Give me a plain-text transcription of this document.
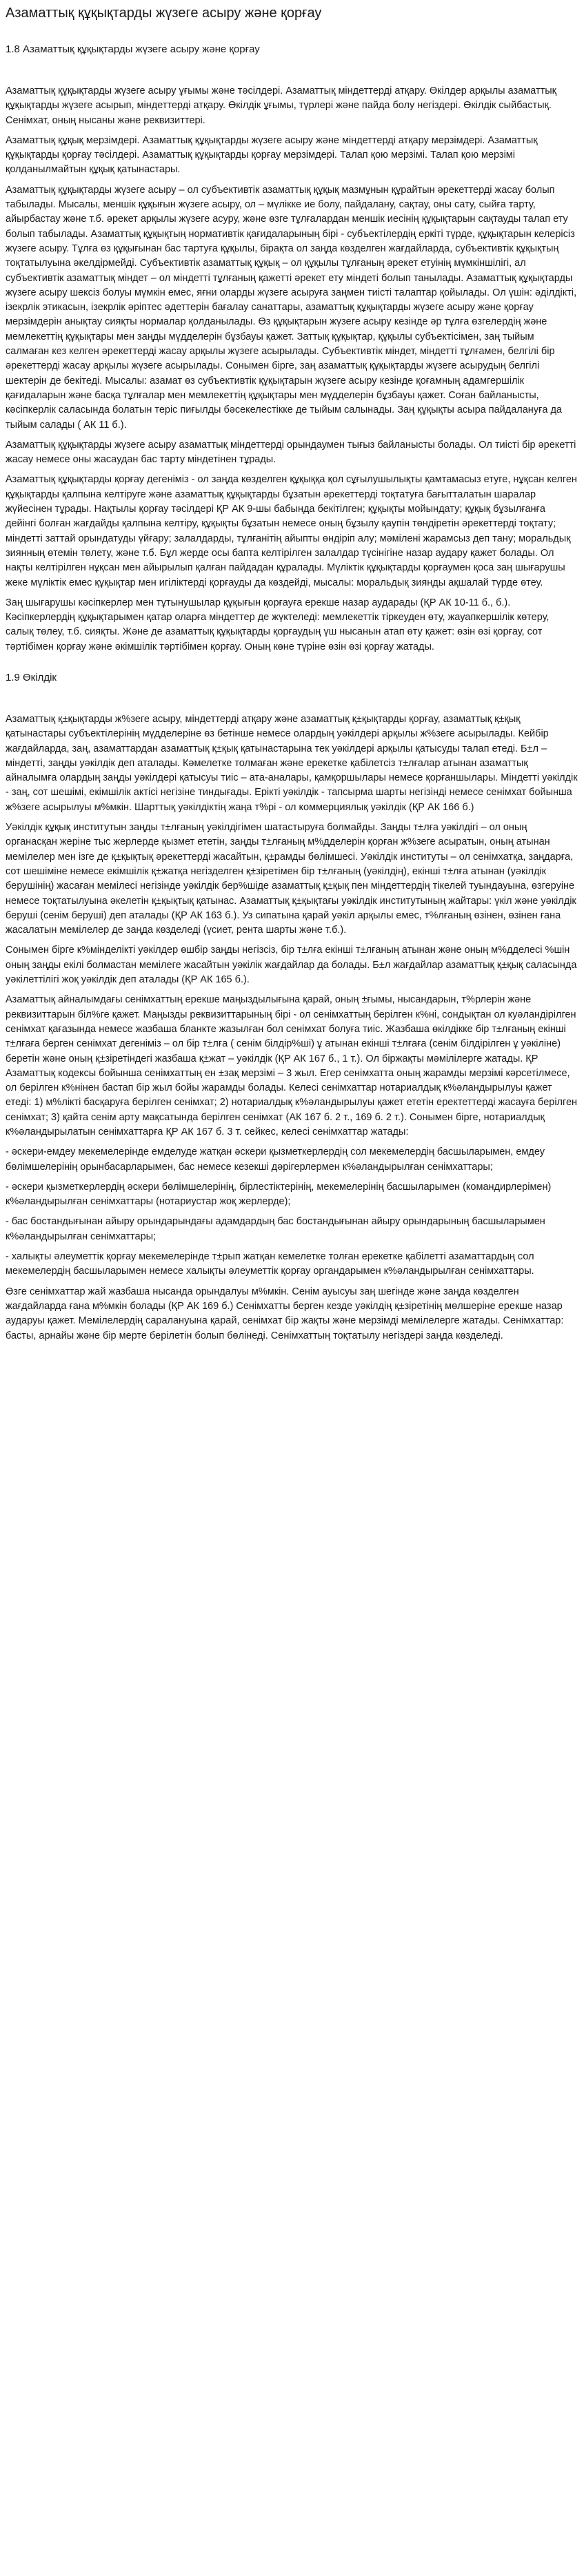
Азаматтық құқықтарды жүзеге асыру және қорғау
1.8 Азаматтық құқықтарды жүзеге асыру және қорғау

Азаматтық құқықтарды жүзеге асыру ұғымы және тәсілдері. Азаматтық міндеттерді атқару. Өкілдер арқылы азаматтық құқықтарды жүзеге асырып, міндеттерді атқару. Өкілдік ұғымы, түрлері және пайда болу негіздері. Өкілдік сыйбастық. Сенімхат, оның нысаны және реквизиттері.

Азаматтық құқық мерзімдері. Азаматтық құқықтарды жүзеге асыру және міндеттерді атқару мерзімдері. Азаматтық құқықтарды қорғау тәсілдері. Азаматтық құқықтарды қорғау мерзімдері. Талап қою мерзімі. Талап қою мерзімі қолданылмайтын құқық қатынастары.

Азаматтық құқықтарды жүзеге асыру – ол субъективтік азаматтық құқық мазмұнын құрайтын әрекеттерді жасау болып табылады. Мысалы, меншік құқығын жүзеге асыру, ол – мүлікке ие болу, пайдалану, сақтау, оны сату, сыйға тарту, айырбастау және т.б. әрекет арқылы жүзеге асуру, және өзге тұлғалардан меншік иесінің құқықтарын сақтауды талап ету болып табылады. Азаматтық құқықтың нормативтік қағидаларының бірі - субъектілердің еркіті түрде, құқықтарын келерісіз жүзеге асыру. Тұлға өз құқығынан бас тартуға құқылы, бірақта ол заңда көзделген жағдайларда, субъективтік құқықтың тоқтатылуына әкелдірмейді. Субъективтік азаматтық құқық – ол құқылы тұлғаның әрекет етуінің мүмкіншілігі, ал субъективтік азаматтық міндет – ол міндетті тұлғаның қажетті әрекет ету міндеті болып танылады. Азаматтық құқықтарды жүзеге асыру шексіз болуы мүмкін емес, яғни оларды жүзеге асыруға заңмен тиісті талаптар қойылады. Ол үшін: әділдікті, ізекрлік этикасын, ізекрлік әріптес әдеттерін бағалау санаттары, азаматтық құқықтарды жүзеге асыру және қорғау мерзімдерін анықтау сияқты нормалар қолданылады. Өз құқықтарын жүзеге асыру кезінде әр тұлға өзгелердің және мемлекеттің құқықтары мен заңды мүдделерін бұзбауы қажет. Заттық құқықтар, құқылы субъектісімен, заң тыйым салмаған кез келген әрекеттерді жасау арқылы жүзеге асырылады. Субъективтік міндет, міндетті тұлғамен, белгілі бір әрекеттерді жасау арқылы жүзеге асырылады. Сонымен бірге, заң азаматтық құқықтарды жүзеге асырудың белгілі шектерін де бекітеді. Мысалы: азамат өз субъективтік құқықтарын жүзеге асыру кезінде қоғамның адамгершілік қағидаларын және басқа тұлғалар мен мемлекеттің құқықтары мен мүдделерін бұзбауы қажет. Соған байланысты, кәсіпкерлік саласында болатын теріс пиғылды бәсекелестікке де тыйым салынады. Заң құқықты асыра пайдалануға да тыйым салады ( АК 11 б.).

Азаматтық құқықтарды жүзеге асыру азаматтық міндеттерді орындаумен тығыз байланысты болады. Ол тиісті бір әрекетті жасау немесе оны жасаудан бас тарту міндетінен тұрады.

Азаматтық құқықтарды қорғау дегеніміз - ол заңда көзделген құқыққа қол сұғылушылықты қамтамасыз етуге, нұқсан келген құқықтарды қалпына келтіруге және азаматтық құқықтарды бұзатын әрекеттерді тоқтатуға бағытталатын шаралар жүйесінен тұрады. Нақтылы қорғау тәсілдері ҚР АК 9-шы бабында бекітілген; құқықты мойындату; құқық бұзылғанға дейінгі болған жағдайды қалпына келтіру, құқықты бұзатын немесе оның бұзылу қаупін төндіретін әрекеттерді тоқтату; міндетті заттай орындатуды үйғару; залалдарды, тұлғанітің айыпты өндіріп алу; мәмілені жарамсыз деп тану; моральдық зиянның өтемін төлету, және т.б. Бұл жерде осы бапта келтірілген залалдар түсінігіне назар аудару қажет болады. Ол нақты келтірілген нұқсан мен айырылып қалған пайдадан құралады. Мүліктік құқықтарды қорғаумен қоса заң шығарушы жеке мүліктік емес құқықтар мен игіліктерді қорғауды да көздейді, мысалы: моральдық зиянды ақшалай түрде өтеу.

Заң шығарушы кәсіпкерлер мен тұтынушылар құқығын қорғауға ерекше назар аударады (ҚР АК 10-11 б., б.). Кәсіпкерлердің құқықтарымен қатар оларға міндеттер де жүктеледі: мемлекеттік тіркеуден өту, жауапкершілік көтеру, салық төлеу, т.б. сияқты. Және де азаматтық құқықтарды қорғаудың үш нысанын атап өту қажет: өзін өзі қорғау, сот тәртібімен қорғау және әкімшілік тәртібімен қорғау. Оның көне түріне өзін өзі қорғау жатады.

1.9 Өкілдік

Азаматтық қ±қықтарды ж%зеге асыру, міндеттерді атқару және азаматтық қ±қықтарды қорғау, азаматтық қ±қық қатынастары субъектілерінің мүдделеріне өз бетінше немесе олардың уәкілдері арқылы ж%зеге асырылады. Кейбір жағдайларда, заң, азаматтардан азаматтық қ±қық қатынастарына тек уәкілдері арқылы қатысуды талап етеді. Б±л – міндетті, заңды уәкілдік деп аталады. Кәмелетке толмаған және ерекетке қабілетсіз т±лғалар атынан азаматтық айналымға олардың заңды уәкілдері қатысуы тиіс – ата-аналары, қамқоршылары немесе қорғаншылары. Міндетті уәкілдік - заң, сот шешімі, екімшілік актісі негізіне тиндығады. Ерікті уәкілдік - тапсырма шарты негізінді немесе сенімхат бойынша ж%зеге асырылуы м%мкін. Шарттық уәкілдіктің жаңа т%рі - ол коммерциялық уәкілдік (ҚР АК 166 б.)

Уәкілдік құқық институтын заңды т±лғаның уәкілдігімен шатастыруға болмайды. Заңды т±лға уәкілдігі – ол оның органасқан жеріне тыс жерлерде қызмет ететін, заңды т±лғаның м%дделерін қорған ж%зеге асыратын, оның атынан мемілелер мен ізге де қ±қықтық әрекеттерді жасайтын, қ±рамды бөлімшесі. Уәкілдік институты – ол сенімхатқа, заңдарға, сот шешіміне немесе екімшілік қ±жатқа негізделген қ±зіретімен бір т±лғаның (уәкілдің), екінші т±лға атынан (уәкілдік берушінің) жасаған мемілесі негізінде уәкілдік бер%шіде азаматтық қ±қық пен міндеттердің тікелей туындауына, өзгеруіне немесе тоқтатылуына әкелетін қ±қықтық қатынас. Азаматтық қ±қықтағы уәкілдік институтының жайтары: үкіл және уәкілдік беруші (сенім беруші) деп аталады (ҚР АК 163 б.). Уз сипатына қарай уәкіл арқылы емес, т%лғаның өзінен, өзінен ғана жасалатын мемілелер де заңда көзделеді (үсиет, рента шарты және т.б.).

Сонымен бірге к%мінделікті уәкілдер өшбір заңды негізсіз, бір т±лға екінші т±лғаның атынан және оның м%дделесі %шін оның заңды екілі болмастан мемілеге жасайтын уәкілік жағдайлар да болады. Б±л жағдайлар азаматтық қ±қық саласында уәкілеттілігі жоқ уәкілдік деп аталады (ҚР АК 165 б.).

Азаматтық айналымдағы сенімхаттың ерекше маңыздылығына қарай, оның ±ғымы, нысандарын, т%рлерін және реквизиттарын біл%ге қажет. Маңызды реквизиттарының бірі - ол сенімхаттың берілген к%нi, сондықтан ол куәландірілген сенімхат қағазында немесе жазбаша бланкте жазылған бол сенімхат болуға тиіс. Жазбаша өкілдікке бір т±лғаның екінші т±лғаға берген сенімхат дегеніміз – ол бір т±лға ( сенім білдір%ші) ұ атынан екінші т±лғаға (сенім білдірілген ұ уәкіліне) беретін және оның қ±зіретіндегі жазбаша қ±жат – уәкілдік (ҚР АК 167 б., 1 т.). Ол біржақты мәмілілерге жатады. ҚР Азаматтық кодексы бойынша сенімхаттың ен ±зақ мерзімі – 3 жыл. Егер сенімхатта оның жарамды мерзімі кәрсетілмесе, ол берілген к%нінен бастап бір жыл бойы жарамды болады. Келесі сенімхаттар нотариалдық к%әландырылуы қажет етеді: 1) м%лікті басқаруға берілген сенімхат; 2) нотариалдық к%әландырылуы қажет ететін еректеттерді жасауға берілген сенімхат; 3) қайта сенім арту мақсатында берілген сенімхат (АК 167 б. 2 т., 169 б. 2 т.). Сонымен бірге, нотариалдық к%әландырылатын сенімхаттарға ҚР АК 167 б. 3 т. сейкес, келесі сенімхаттар жатады:

- әскери-емдеу мекемелерінде емделуде жатқан әскери қызметкерлердің сол мекемелердің басшыларымен, емдеу бөлімшелерінің орынбасарларымен, бас немесе кезекші дәрігерлермен к%әландырылған сенімхаттары;

- әскери қызметкерлердің әскери бөлімшелерінің, бірлестіктерінің, мекемелерінің басшыларымен (командирлерімен) к%әландырылған сенімхаттары (нотариустар жоқ жерлерде);

- бас бостандығынан айыру орындарындағы адамдардың бас бостандығынан айыру орындарының басшыларымен к%әландырылған сенімхаттары;

- халықты әлеуметтік қорғау мекемелерінде т±рып жатқан кемелетке толған ерекетке қабілетті азаматтардың сол мекемелердің басшыларымен немесе халықты әлеуметтік қорғау органдарымен к%әландырылған сенімхаттары.

Өзге сенімхаттар жай жазбаша нысанда орындалуы м%мкін. Сенім ауысуы заң шегінде және заңда көзделген жағдайларда ғана м%мкін болады (ҚР АК 169 б.) Сенімхатты берген кезде уәкілдің қ±зіретінің мөлшеріне ерекше назар аударуы қажет. Мемілелердің саралануына қарай, сенімхат бір жақты және мерзімді мемілелерге жатады. Сенімхаттар: басты, арнайы және бір мерте берілетін болып бөлінеді. Сенімхаттың тоқтатылу негіздері заңда көзделеді.
